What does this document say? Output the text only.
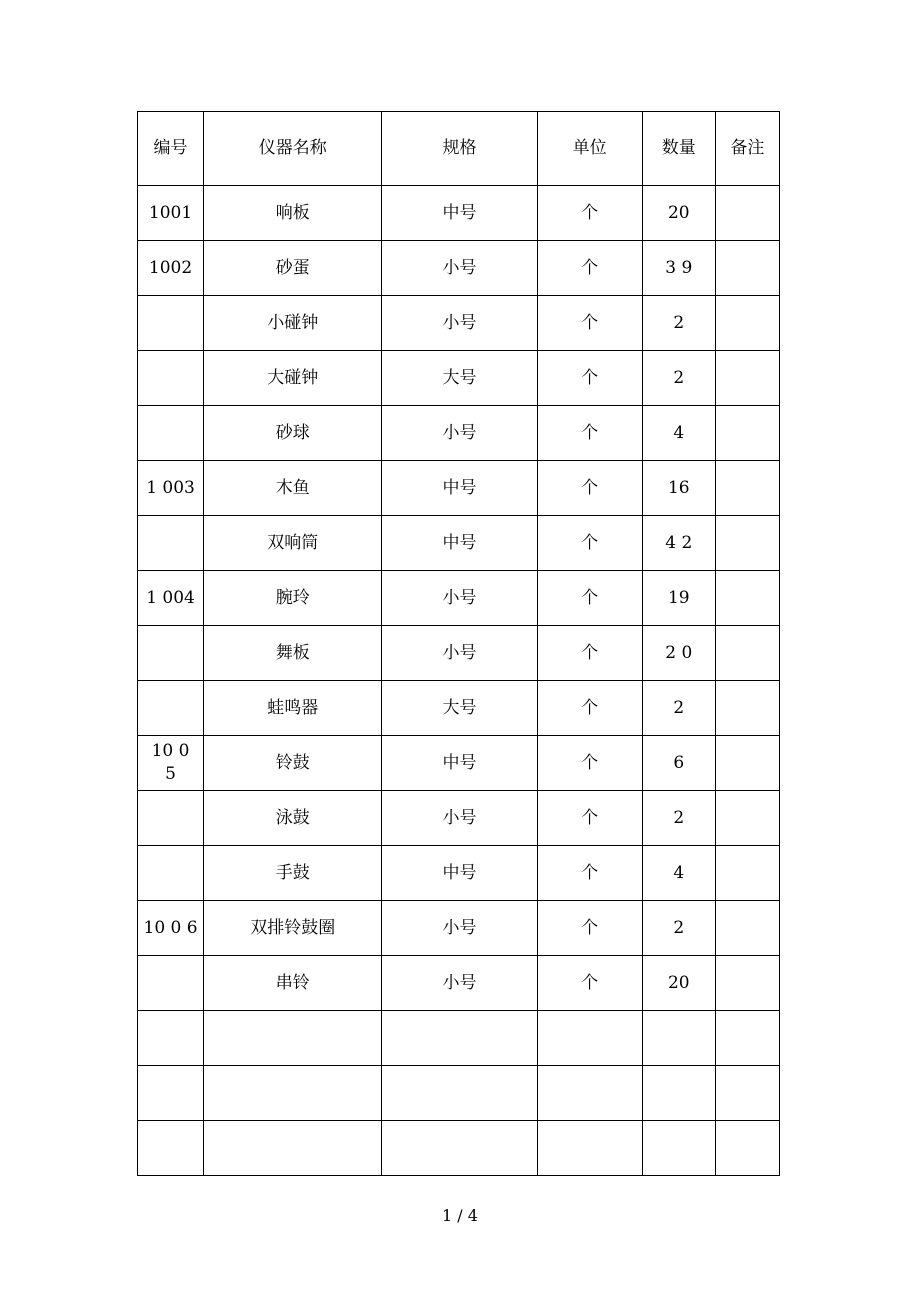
编号	仪器名称	规格	单位	数量	备注
1001	响板	中号	个	20	
1002	砂蛋	小号	个	3 9	
	小碰钟	小号	个	2	
	大碰钟	大号	个	2	
	砂球	小号	个	4	
1 003	木鱼	中号	个	16	
	双响筒	中号	个	4 2	
1 004	腕玲	小号	个	19	
	舞板	小号	个	2 0	
	蛙鸣器	大号	个	2	
10 0 5	铃鼓	中号	个	6	
	泳鼓	小号	个	2	
	手鼓	中号	个	4	
10 0 6	双排铃鼓圈	小号	个	2	
	串铃	小号	个	20	

1 / 4
